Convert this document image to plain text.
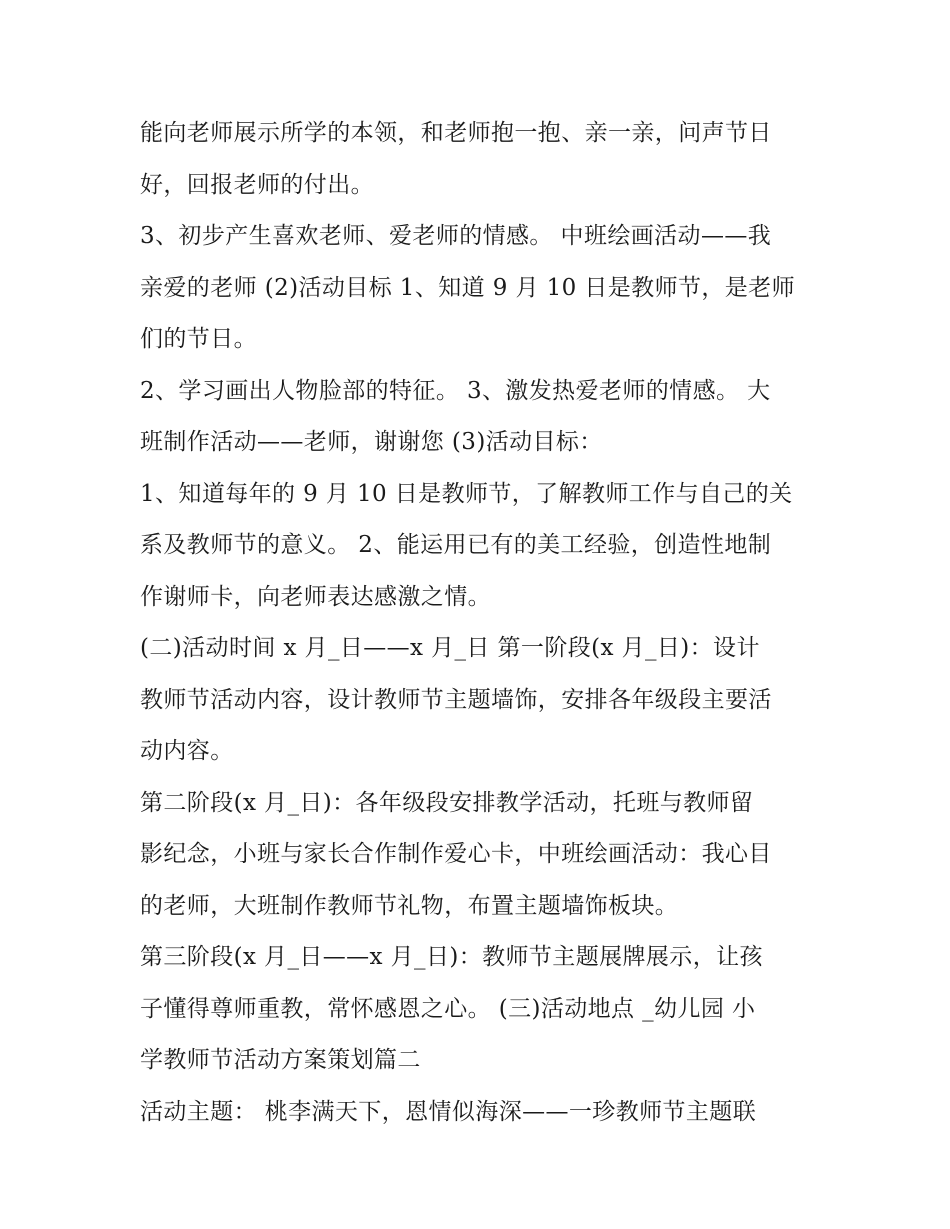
能向老师展示所学的本领，和老师抱一抱、亲一亲，问声节日
好，回报老师的付出。
3、初步产生喜欢老师、爱老师的情感。 中班绘画活动——我
亲爱的老师 (2)活动目标 1、知道 9 月 10 日是教师节，是老师
们的节日。
2、学习画出人物脸部的特征。 3、激发热爱老师的情感。 大
班制作活动——老师，谢谢您 (3)活动目标：
1、知道每年的 9 月 10 日是教师节，了解教师工作与自己的关
系及教师节的意义。 2、能运用已有的美工经验，创造性地制
作谢师卡，向老师表达感激之情。
(二)活动时间 x 月_日——x 月_日 第一阶段(x 月_日)：设计
教师节活动内容，设计教师节主题墙饰，安排各年级段主要活
动内容。
第二阶段(x 月_日)：各年级段安排教学活动，托班与教师留
影纪念，小班与家长合作制作爱心卡，中班绘画活动：我心目
的老师，大班制作教师节礼物，布置主题墙饰板块。
第三阶段(x 月_日——x 月_日)：教师节主题展牌展示，让孩
子懂得尊师重教，常怀感恩之心。 (三)活动地点 _幼儿园 小
学教师节活动方案策划篇二
活动主题： 桃李满天下，恩情似海深——一珍教师节主题联
